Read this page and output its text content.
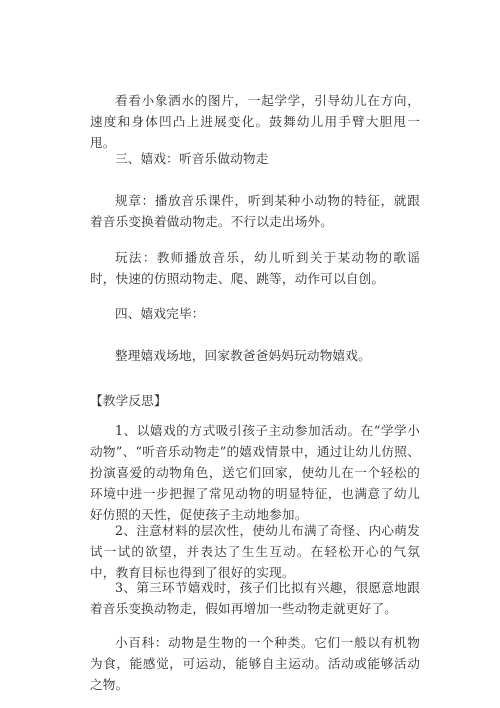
看看小象洒水的图片，一起学学，引导幼儿在方向，速度和身体凹凸上进展变化。鼓舞幼儿用手臂大胆甩一甩。

三、嬉戏：听音乐做动物走

规章：播放音乐课件，听到某种小动物的特征，就跟着音乐变换着做动物走。不行以走出场外。

玩法：教师播放音乐，幼儿听到关于某动物的歌谣时，快速的仿照动物走、爬、跳等，动作可以自创。

四、嬉戏完毕：

整理嬉戏场地，回家教爸爸妈妈玩动物嬉戏。

【教学反思】

1、以嬉戏的方式吸引孩子主动参加活动。在“学学小动物”、“听音乐动物走”的嬉戏情景中，通过让幼儿仿照、扮演喜爱的动物角色，送它们回家，使幼儿在一个轻松的环境中进一步把握了常见动物的明显特征，也满意了幼儿好仿照的天性，促使孩子主动地参加。

2、注意材料的层次性，使幼儿布满了奇怪、内心萌发试一试的欲望，并表达了生生互动。在轻松开心的气氛中，教育目标也得到了很好的实现。

3、第三环节嬉戏时，孩子们比拟有兴趣，很愿意地跟着音乐变换动物走，假如再增加一些动物走就更好了。

小百科：动物是生物的一个种类。它们一般以有机物为食，能感觉，可运动，能够自主运动。活动或能够活动之物。
